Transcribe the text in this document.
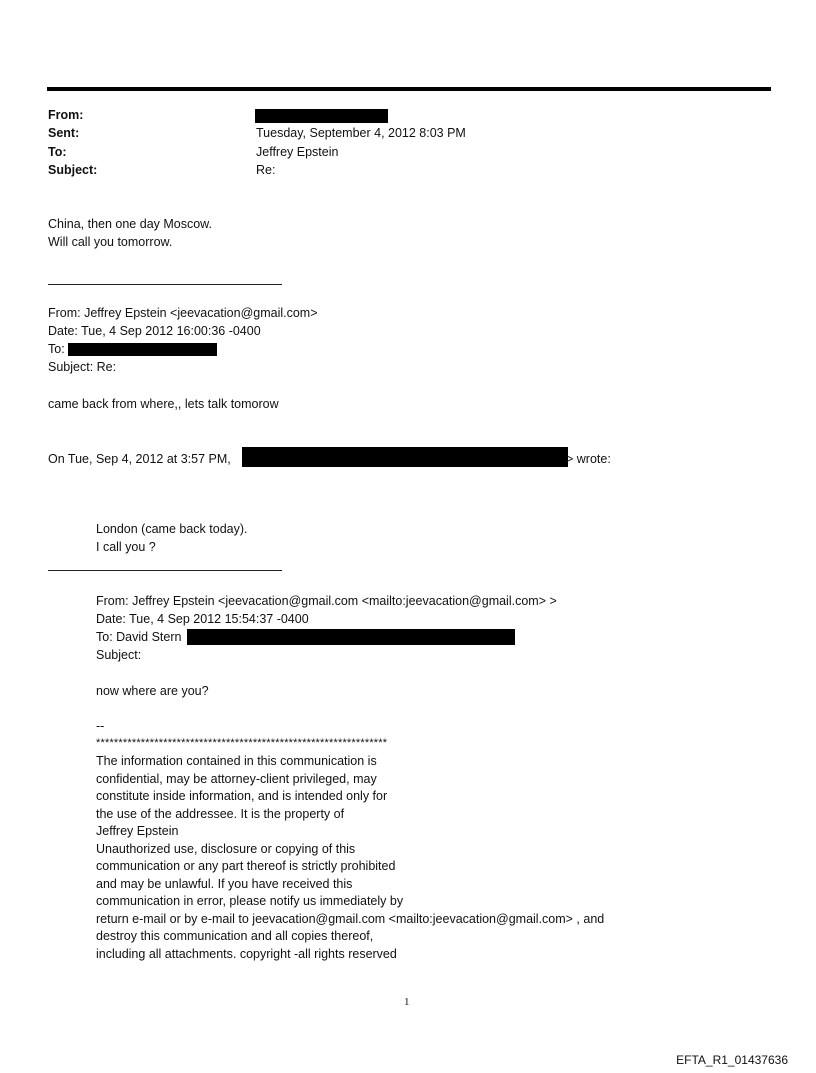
From:
Sent:	Tuesday, September 4, 2012 8:03 PM
To:	Jeffrey Epstein
Subject:	Re:
China, then one day Moscow.
Will call you tomorrow.
From: Jeffrey Epstein <jeevacation@gmail.com>
Date: Tue, 4 Sep 2012 16:00:36 -0400
To:
Subject: Re:
came back from where,, lets talk tomorow
On Tue, Sep 4, 2012 at 3:57 PM,	> wrote:
London (came back today).
I call you ?
From: Jeffrey Epstein <jeevacation@gmail.com <mailto:jeevacation@gmail.com> >
Date: Tue, 4 Sep 2012 15:54:37 -0400
To: David Stern
Subject:
now where are you?
--
*****************************************************************
The information contained in this communication is
confidential, may be attorney-client privileged, may
constitute inside information, and is intended only for
the use of the addressee. It is the property of
Jeffrey Epstein
Unauthorized use, disclosure or copying of this
communication or any part thereof is strictly prohibited
and may be unlawful. If you have received this
communication in error, please notify us immediately by
return e-mail or by e-mail to jeevacation@gmail.com <mailto:jeevacation@gmail.com> , and
destroy this communication and all copies thereof,
including all attachments. copyright -all rights reserved
1
EFTA_R1_01437636
